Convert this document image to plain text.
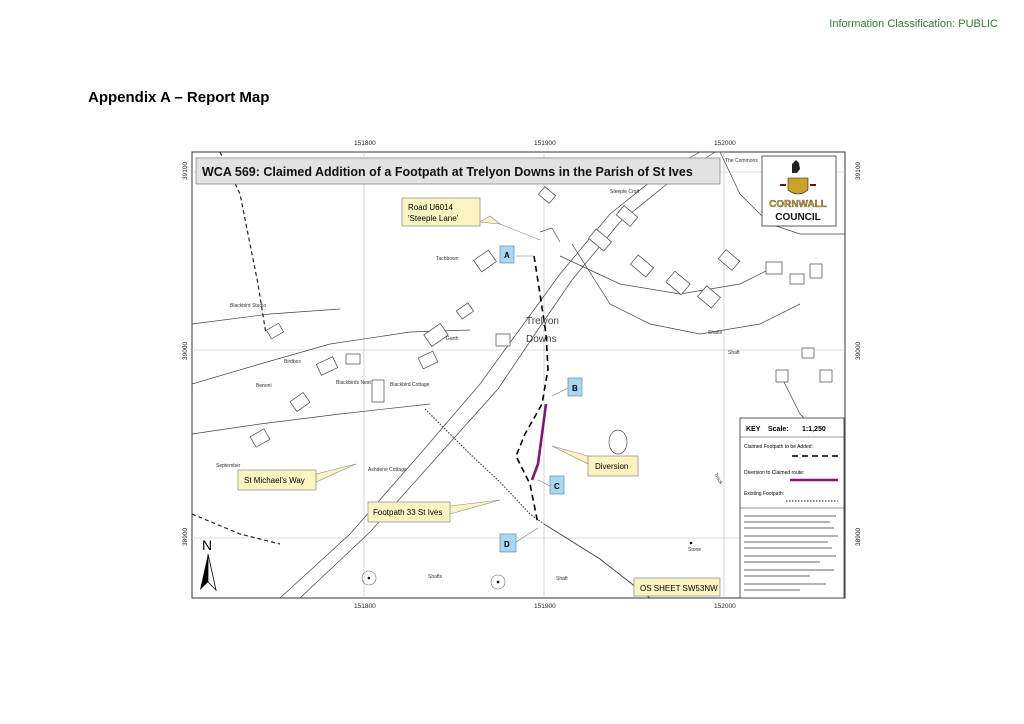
Information Classification: PUBLIC
Appendix A – Report Map
151800	151900	152000
151800	151900	152000
39100
39000
38900
39100
39000
38900
Trelyon
Downs
Steeple Croft
Tachbown
The Commons
Blackbird Studio
Birdbox
Benoni	Blackbirds Nest	Blackbird Cottage
September
Ashdene Cottage
Shafts
Shafts
Shaft
Shaft
Stone
Track
Garth
WCA 569: Claimed Addition of a Footpath at Trelyon Downs in the Parish of St Ives
CORNWALL
COUNCIL
Road U6014
'Steeple Lane'
Diversion
St Michael's Way
Footpath 33 St Ives
A
B
C
D
N
OS SHEET SW53NW
KEY Scale: 1:1,250
Claimed Footpath to be Added:
Diversion to Claimed route:
Existing Footpath:
